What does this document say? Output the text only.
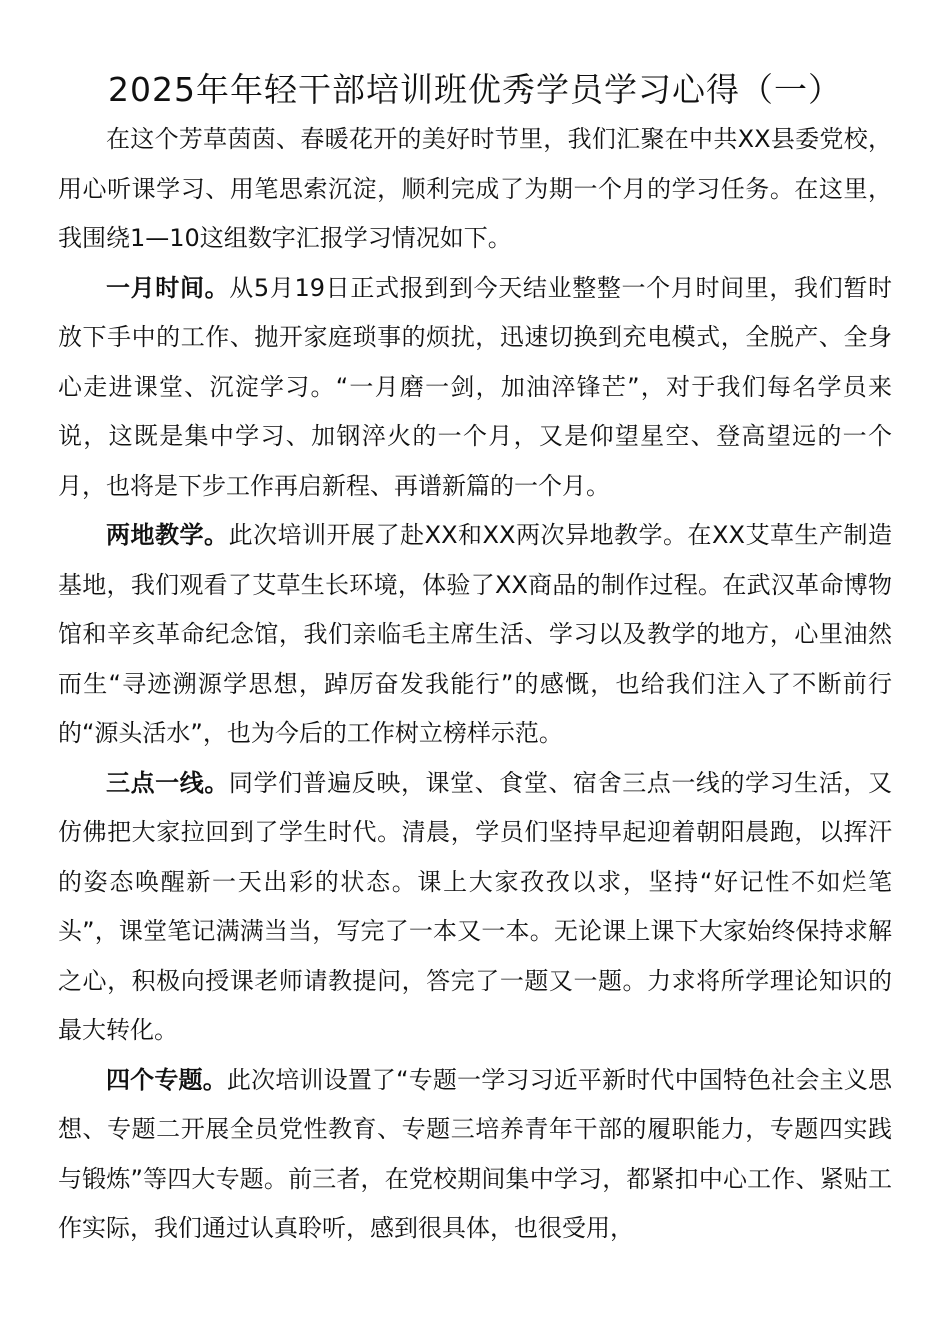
2025年年轻干部培训班优秀学员学习心得（一）

在这个芳草茵茵、春暖花开的美好时节里，我们汇聚在中共XX县委党校，用心听课学习、用笔思索沉淀，顺利完成了为期一个月的学习任务。在这里，我围绕1—10这组数字汇报学习情况如下。

一月时间。从5月19日正式报到到今天结业整整一个月时间里，我们暂时放下手中的工作、抛开家庭琐事的烦扰，迅速切换到充电模式，全脱产、全身心走进课堂、沉淀学习。“一月磨一剑，加油淬锋芒”，对于我们每名学员来说，这既是集中学习、加钢淬火的一个月，又是仰望星空、登高望远的一个月，也将是下步工作再启新程、再谱新篇的一个月。

两地教学。此次培训开展了赴XX和XX两次异地教学。在XX艾草生产制造基地，我们观看了艾草生长环境，体验了XX商品的制作过程。在武汉革命博物馆和辛亥革命纪念馆，我们亲临毛主席生活、学习以及教学的地方，心里油然而生“寻迹溯源学思想，踔厉奋发我能行”的感慨，也给我们注入了不断前行的“源头活水”，也为今后的工作树立榜样示范。

三点一线。同学们普遍反映，课堂、食堂、宿舍三点一线的学习生活，又仿佛把大家拉回到了学生时代。清晨，学员们坚持早起迎着朝阳晨跑，以挥汗的姿态唤醒新一天出彩的状态。课上大家孜孜以求，坚持“好记性不如烂笔头”，课堂笔记满满当当，写完了一本又一本。无论课上课下大家始终保持求解之心，积极向授课老师请教提问，答完了一题又一题。力求将所学理论知识的最大转化。

四个专题。此次培训设置了“专题一学习习近平新时代中国特色社会主义思想、专题二开展全员党性教育、专题三培养青年干部的履职能力，专题四实践与锻炼”等四大专题。前三者，在党校期间集中学习，都紧扣中心工作、紧贴工作实际，我们通过认真聆听，感到很具体，也很受用，
